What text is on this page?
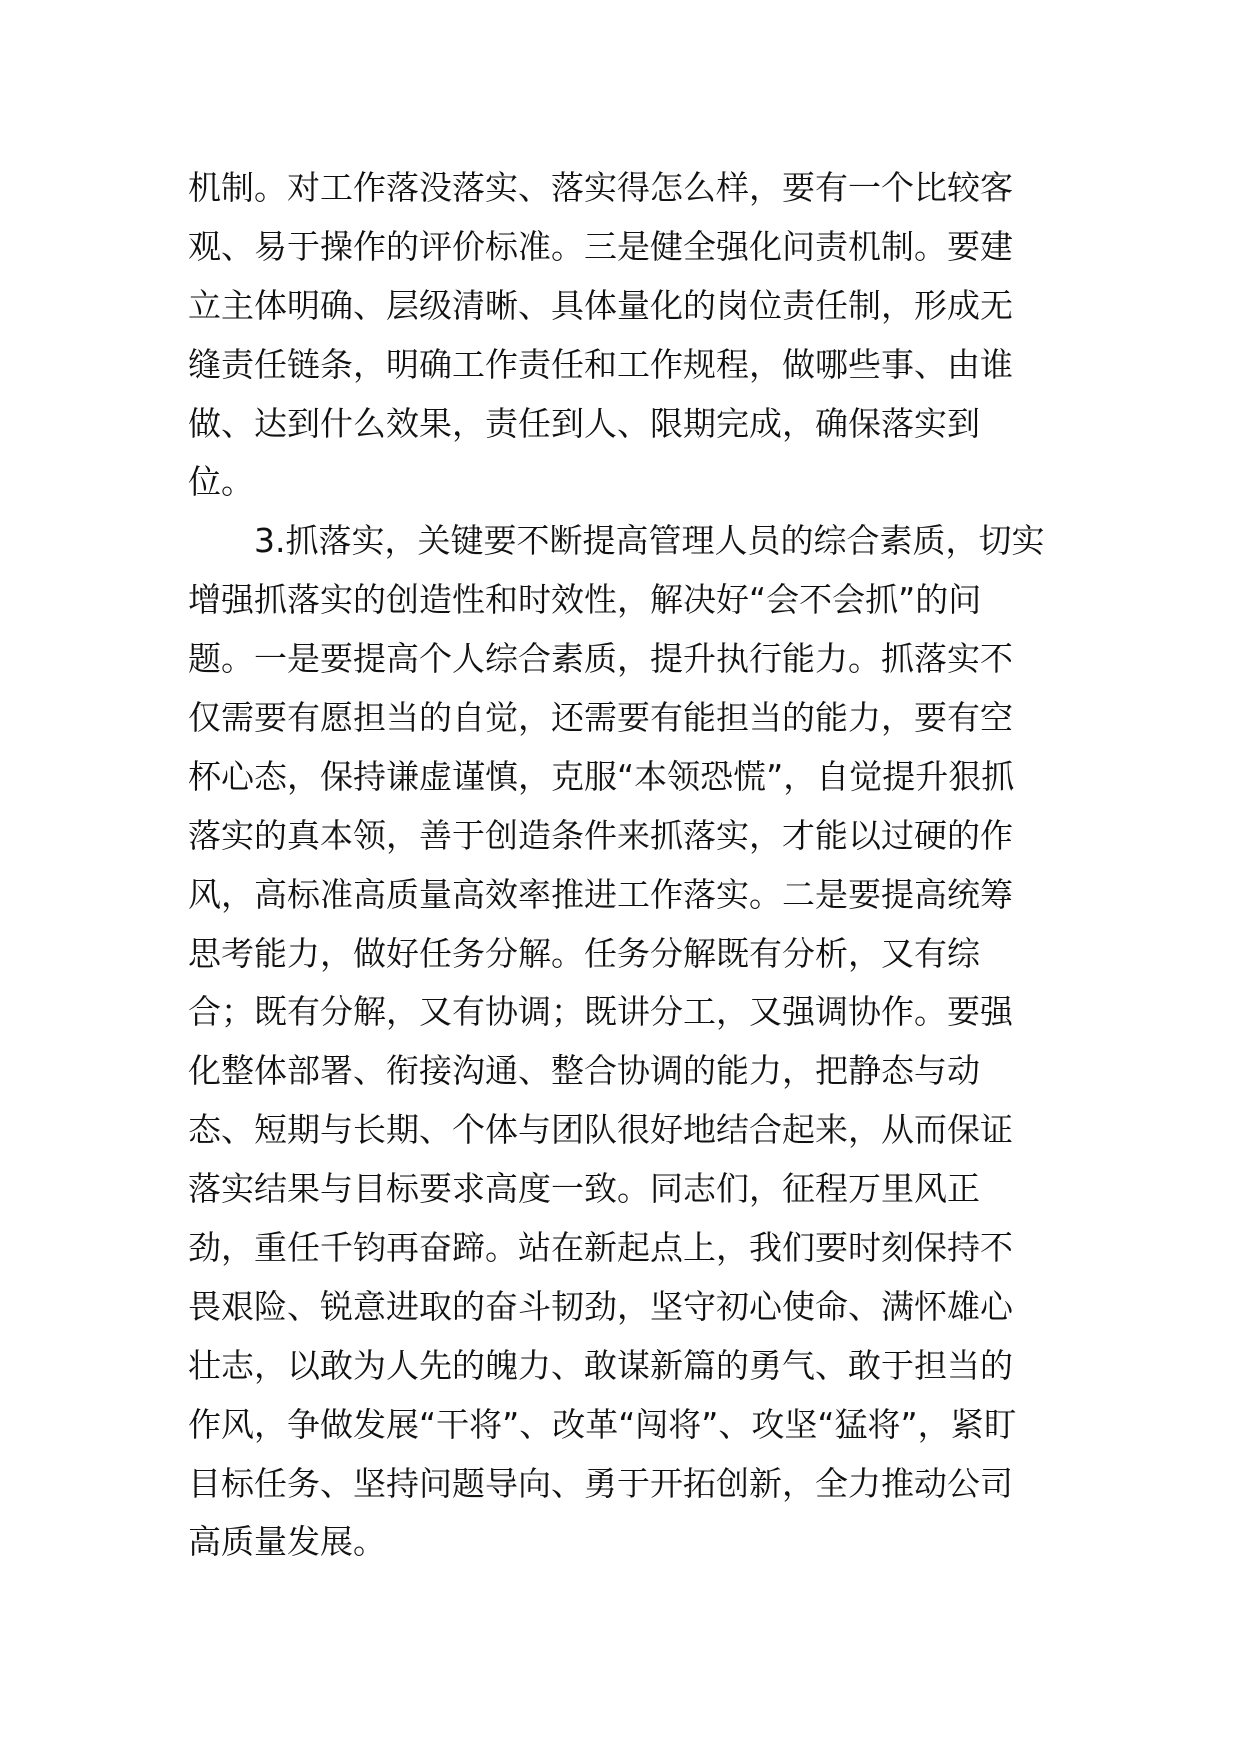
机制。对工作落没落实、落实得怎么样，要有一个比较客
观、易于操作的评价标准。三是健全强化问责机制。要建
立主体明确、层级清晰、具体量化的岗位责任制，形成无
缝责任链条，明确工作责任和工作规程，做哪些事、由谁
做、达到什么效果，责任到人、限期完成，确保落实到
位。
3.抓落实，关键要不断提高管理人员的综合素质，切实
增强抓落实的创造性和时效性，解决好“会不会抓”的问
题。一是要提高个人综合素质，提升执行能力。抓落实不
仅需要有愿担当的自觉，还需要有能担当的能力，要有空
杯心态，保持谦虚谨慎，克服“本领恐慌”，自觉提升狠抓
落实的真本领，善于创造条件来抓落实，才能以过硬的作
风，高标准高质量高效率推进工作落实。二是要提高统筹
思考能力，做好任务分解。任务分解既有分析，又有综
合；既有分解，又有协调；既讲分工，又强调协作。要强
化整体部署、衔接沟通、整合协调的能力，把静态与动
态、短期与长期、个体与团队很好地结合起来，从而保证
落实结果与目标要求高度一致。同志们，征程万里风正
劲，重任千钧再奋蹄。站在新起点上，我们要时刻保持不
畏艰险、锐意进取的奋斗韧劲，坚守初心使命、满怀雄心
壮志，以敢为人先的魄力、敢谋新篇的勇气、敢于担当的
作风，争做发展“干将”、改革“闯将”、攻坚“猛将”，紧盯
目标任务、坚持问题导向、勇于开拓创新，全力推动公司
高质量发展。
